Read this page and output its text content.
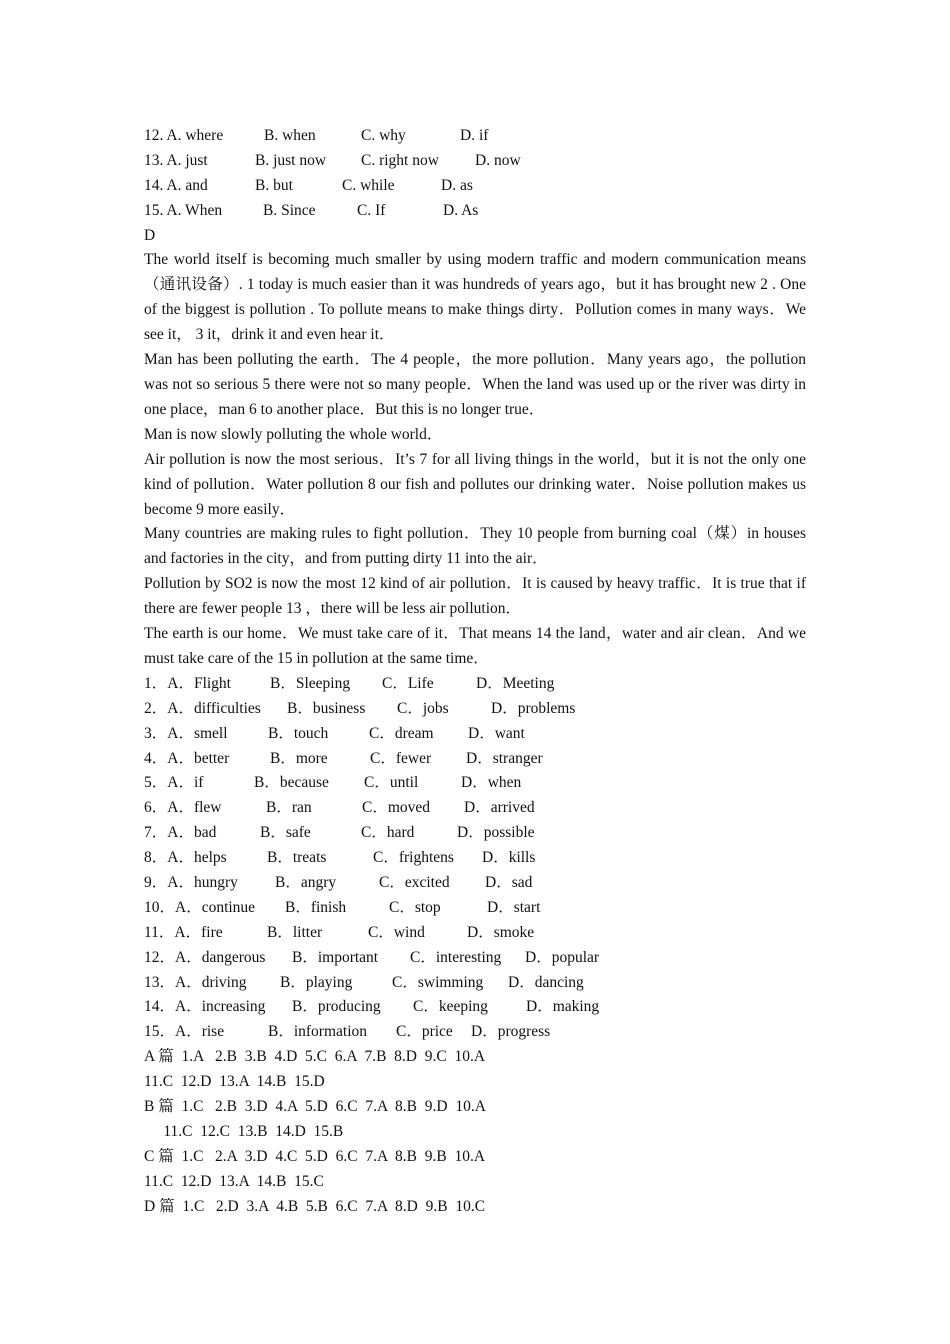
12. A. where	B. when	C. why	D. if
13. A. just	B. just now C. right now D. now
14. A. and	B. but	C. while	D. as
15. A. When	B. Since	C. If	D. As
D
The world itself is becoming much smaller by using modern traffic and modern communication means（通讯设备）. 1 today is much easier than it was hundreds of years ago，but it has brought new 2 . One of the biggest is pollution . To pollute means to make things dirty．Pollution comes in many ways．We see it， 3 it，drink it and even hear it．
Man has been polluting the earth．The 4 people，the more pollution．Many years ago，the pollution was not so serious 5 there were not so many people．When the land was used up or the river was dirty in one place，man 6 to another place．But this is no longer true．
Man is now slowly polluting the whole world．
Air pollution is now the most serious．It’s 7 for all living things in the world，but it is not the only one kind of pollution．Water pollution 8 our fish and pollutes our drinking water．Noise pollution makes us become 9 more easily．
Many countries are making rules to fight pollution．They 10 people from burning coal（煤）in houses and factories in the city，and from putting dirty 11 into the air．
Pollution by SO2 is now the most 12 kind of air pollution．It is caused by heavy traffic．It is true that if there are fewer people 13 ，there will be less air pollution．
The earth is our home．We must take care of it．That means 14 the land，water and air clean．And we must take care of the 15 in pollution at the same time．
1．A．Flight	B．Sleeping C．Life	D．Meeting
2．A．difficulties B．business C．jobs	D．problems
3．A．smell	B．touch	C．dream D．want
4．A．better	B．more	C．fewer D．stranger
5．A．if	B．because C．until	D．when
6．A．flew	B．ran	C．moved D．arrived
7．A．bad	B．safe	C．hard	D．possible
8．A．helps	B．treats	C．frightens D．kills
9．A．hungry B．angry	C．excited D．sad
10．A．continue B．finish	C．stop	D．start
11．A．fire	B．litter	C．wind	D．smoke
12．A．dangerous B．important C．interesting D．popular
13．A．driving B．playing	C．swimming D．dancing
14．A．increasing B．producing C．keeping D．making
15．A．rise	B．information C．price D．progress
A 篇  1.A   2.B  3.B  4.D  5.C  6.A  7.B  8.D  9.C  10.A
11.C  12.D  13.A  14.B  15.D
B 篇  1.C   2.B  3.D  4.A  5.D  6.C  7.A  8.B  9.D  10.A
11.C  12.C  13.B  14.D  15.B
C 篇  1.C   2.A  3.D  4.C  5.D  6.C  7.A  8.B  9.B  10.A
11.C  12.D  13.A  14.B  15.C
D 篇  1.C   2.D  3.A  4.B  5.B  6.C  7.A  8.D  9.B  10.C
